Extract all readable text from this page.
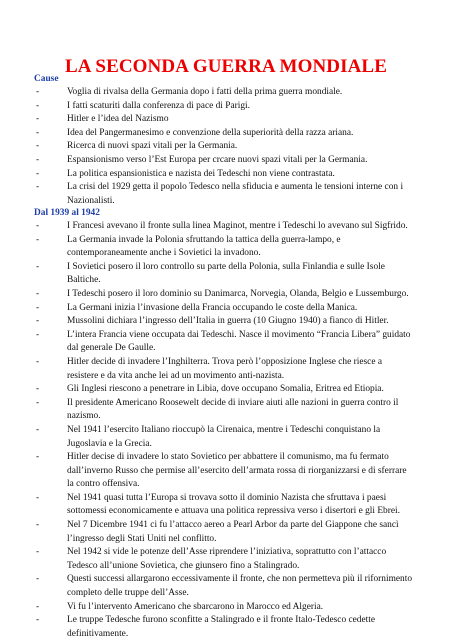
LA SECONDA GUERRA MONDIALE
Cause
-	Voglia di rivalsa della Germania dopo i fatti della prima guerra mondiale.
-	I fatti scaturiti dalla conferenza di pace di Parigi.
-	Hitler e l’idea del Nazismo
-	Idea del Pangermanesimo e convenzione della superiorità della razza ariana.
-	Ricerca di nuovi spazi vitali per la Germania.
-	Espansionismo verso l’Est Europa per crcare nuovi spazi vitali per la Germania.
-	La politica espansionistica e nazista dei Tedeschi non viene contrastata.
-	La crisi del 1929 getta il popolo Tedesco nella sfiducia e aumenta le tensioni interne con i
Nazionalisti.
Dal 1939 al 1942
-	I Francesi avevano il fronte sulla linea Maginot, mentre i Tedeschi lo avevano sul Sigfrido.
-	La Germania invade la Polonia sfruttando la tattica della guerra-lampo, e
contemporaneamente anche i Sovietici la invadono.
-	I Sovietici posero il loro controllo su parte della Polonia, sulla Finlandia e sulle Isole
Baltiche.
-	I Tedeschi posero il loro dominio su Danimarca, Norvegia, Olanda, Belgio e Lussemburgo.
-	La Germani inizia l’invasione della Francia occupando le coste della Manica.
-	Mussolini dichiara l’ingresso dell’Italia in guerra (10 Giugno 1940) a fianco di Hitler.
-	L’intera Francia viene occupata dai Tedeschi. Nasce il movimento “Francia Libera” guidato
dal generale De Gaulle.
-	Hitler decide di invadere l’Inghilterra. Trova però l’opposizione Inglese che riesce a
resistere e da vita anche lei ad un movimento anti-nazista.
-	Gli Inglesi riescono a penetrare in Libia, dove occupano Somalia, Eritrea ed Etiopia.
-	Il presidente Americano Roosewelt decide di inviare aiuti alle nazioni in guerra contro il
nazismo.
-	Nel 1941 l’esercito Italiano rioccupò la Cirenaica, mentre i Tedeschi conquistano la
Jugoslavia e la Grecia.
-	Hitler decise di invadere lo stato Sovietico per abbattere il comunismo, ma fu fermato
dall’inverno Russo che permise all’esercito dell’armata rossa di riorganizzarsi e di sferrare
la contro offensiva.
-	Nel 1941 quasi tutta l’Europa si trovava sotto il dominio Nazista che sfruttava i paesi
sottomessi economicamente e attuava una politica repressiva verso i disertori e gli Ebrei.
-	Nel 7 Dicembre 1941 ci fu l’attacco aereo a Pearl Arbor da parte del Giappone che sancì
l’ingresso degli Stati Uniti nel conflitto.
-	Nel 1942 si vide le potenze dell’Asse riprendere l’iniziativa, soprattutto con l’attacco
Tedesco all’unione Sovietica, che giunsero fino a Stalingrado.
-	Questi successi allargarono eccessivamente il fronte, che non permetteva più il rifornimento
completo delle truppe dell’Asse.
-	Vi fu l’intervento Americano che sbarcarono in Marocco ed Algeria.
-	Le truppe Tedesche furono sconfitte a Stalingrado e il fronte Italo-Tedesco cedette
definitivamente.
